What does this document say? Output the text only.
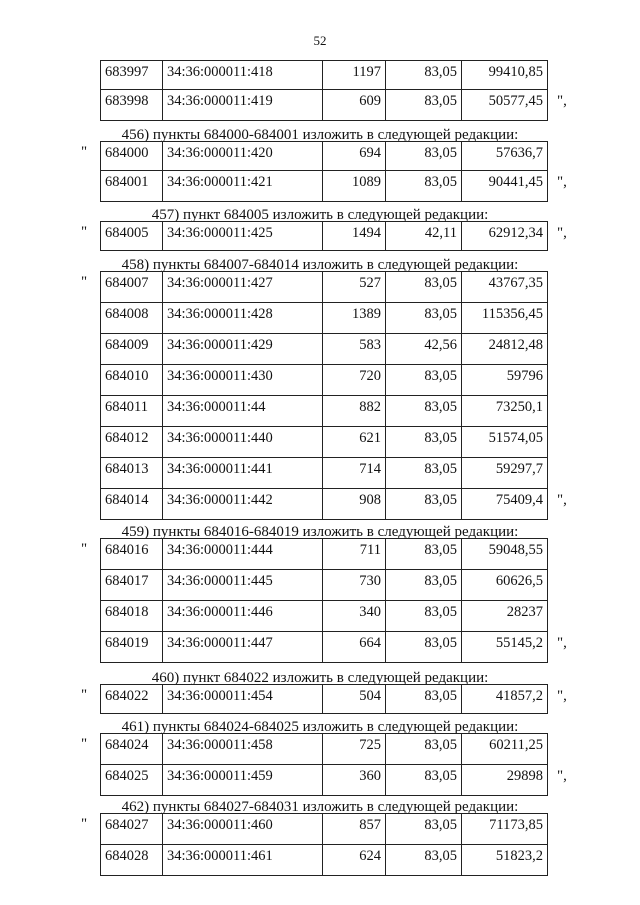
52
683997	34:36:000011:418	1197	83,05	99410,85
683998	34:36:000011:419	609	83,05	50577,45 ",
456) пункты 684000-684001 изложить в следующей редакции:
" 684000	34:36:000011:420	694	83,05	57636,7
684001	34:36:000011:421	1089	83,05	90441,45 ",
457) пункт 684005 изложить в следующей редакции:
" 684005	34:36:000011:425	1494	42,11	62912,34 ",
458) пункты 684007-684014 изложить в следующей редакции:
" 684007	34:36:000011:427	527	83,05	43767,35
684008	34:36:000011:428	1389	83,05	115356,45
684009	34:36:000011:429	583	42,56	24812,48
684010	34:36:000011:430	720	83,05	59796
684011	34:36:000011:44	882	83,05	73250,1
684012	34:36:000011:440	621	83,05	51574,05
684013	34:36:000011:441	714	83,05	59297,7
684014	34:36:000011:442	908	83,05	75409,4 ",
459) пункты 684016-684019 изложить в следующей редакции:
" 684016	34:36:000011:444	711	83,05	59048,55
684017	34:36:000011:445	730	83,05	60626,5
684018	34:36:000011:446	340	83,05	28237
684019	34:36:000011:447	664	83,05	55145,2 ",
460) пункт 684022 изложить в следующей редакции:
" 684022	34:36:000011:454	504	83,05	41857,2 ",
461) пункты 684024-684025 изложить в следующей редакции:
" 684024	34:36:000011:458	725	83,05	60211,25
684025	34:36:000011:459	360	83,05	29898 ",
462) пункты 684027-684031 изложить в следующей редакции:
" 684027	34:36:000011:460	857	83,05	71173,85
684028	34:36:000011:461	624	83,05	51823,2
